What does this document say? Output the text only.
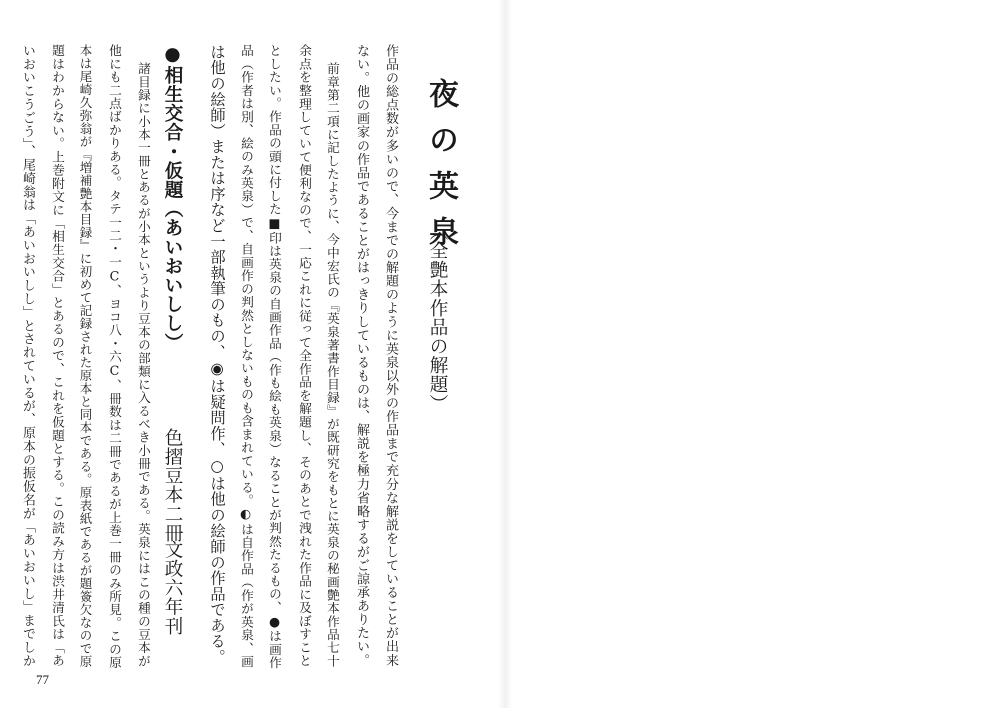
夜の英泉
（全艶本作品の解題）
作品の総点数が多いので、今までの解題のように英泉以外の作品まで充分な解説をしていることが出来
ない。他の画家の作品であることがはっきりしているものは、解説を極力省略するがご諒承ありたい。
前章第二項に記したように、今中宏氏の『英泉著書作目録』が既研究をもとに英泉の秘画艶本作品七十
余点を整理していて便利なので、一応これに従って全作品を解題し、そのあとで洩れた作品に及ぼすこと
としたい。作品の頭に付した■印は英泉の自画作品（作も絵も英泉）なることが判然たるもの、●は画作
品（作者は別、絵のみ英泉）で、自画作の判然としないものも含まれている。◐は自作品（作が英泉、画
は他の絵師）または序など一部執筆のもの、◉は疑問作、○は他の絵師の作品である。
●相生交合・仮題（あいおいしし）
色摺豆本二冊
文政六年刊
諸目録に小本一冊とあるが小本というより豆本の部類に入るべき小冊である。英泉にはこの種の豆本が
他にも二点ばかりある。タテ一二・一C、ヨコ八・六C、冊数は二冊であるが上巻一冊のみ所見。この原
本は尾崎久弥翁が『増補艶本目録』に初めて記録された原本と同本である。原表紙であるが題簽欠なので原
題はわからない。上巻附文に「相生交合」とあるので、これを仮題とする。この読み方は渋井清氏は「あ
いおいこうごう」、尾崎翁は「あいおいしし」とされているが、原本の振仮名が「あいおいし」までしか
77
